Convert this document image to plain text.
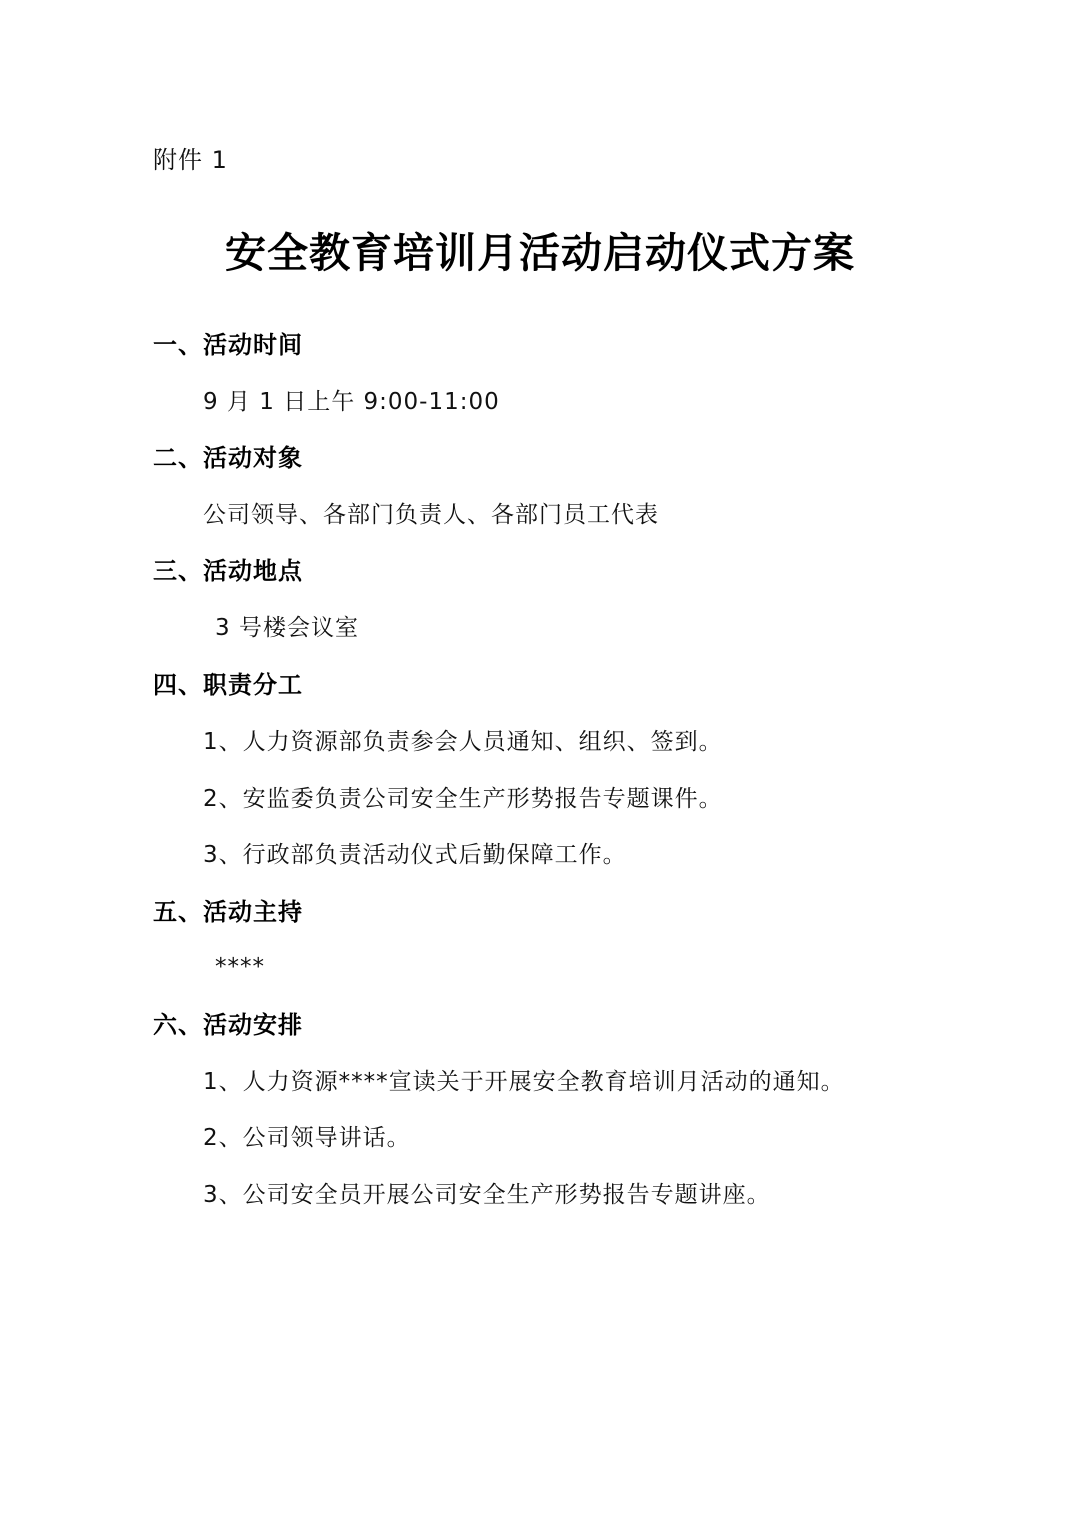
附件 1
安全教育培训月活动启动仪式方案
一、活动时间
9 月 1 日上午 9:00-11:00
二、活动对象
公司领导、各部门负责人、各部门员工代表
三、活动地点
3 号楼会议室
四、职责分工
1、人力资源部负责参会人员通知、组织、签到。
2、安监委负责公司安全生产形势报告专题课件。
3、行政部负责活动仪式后勤保障工作。
五、活动主持
****
六、活动安排
1、人力资源****宣读关于开展安全教育培训月活动的通知。
2、公司领导讲话。
3、公司安全员开展公司安全生产形势报告专题讲座。
